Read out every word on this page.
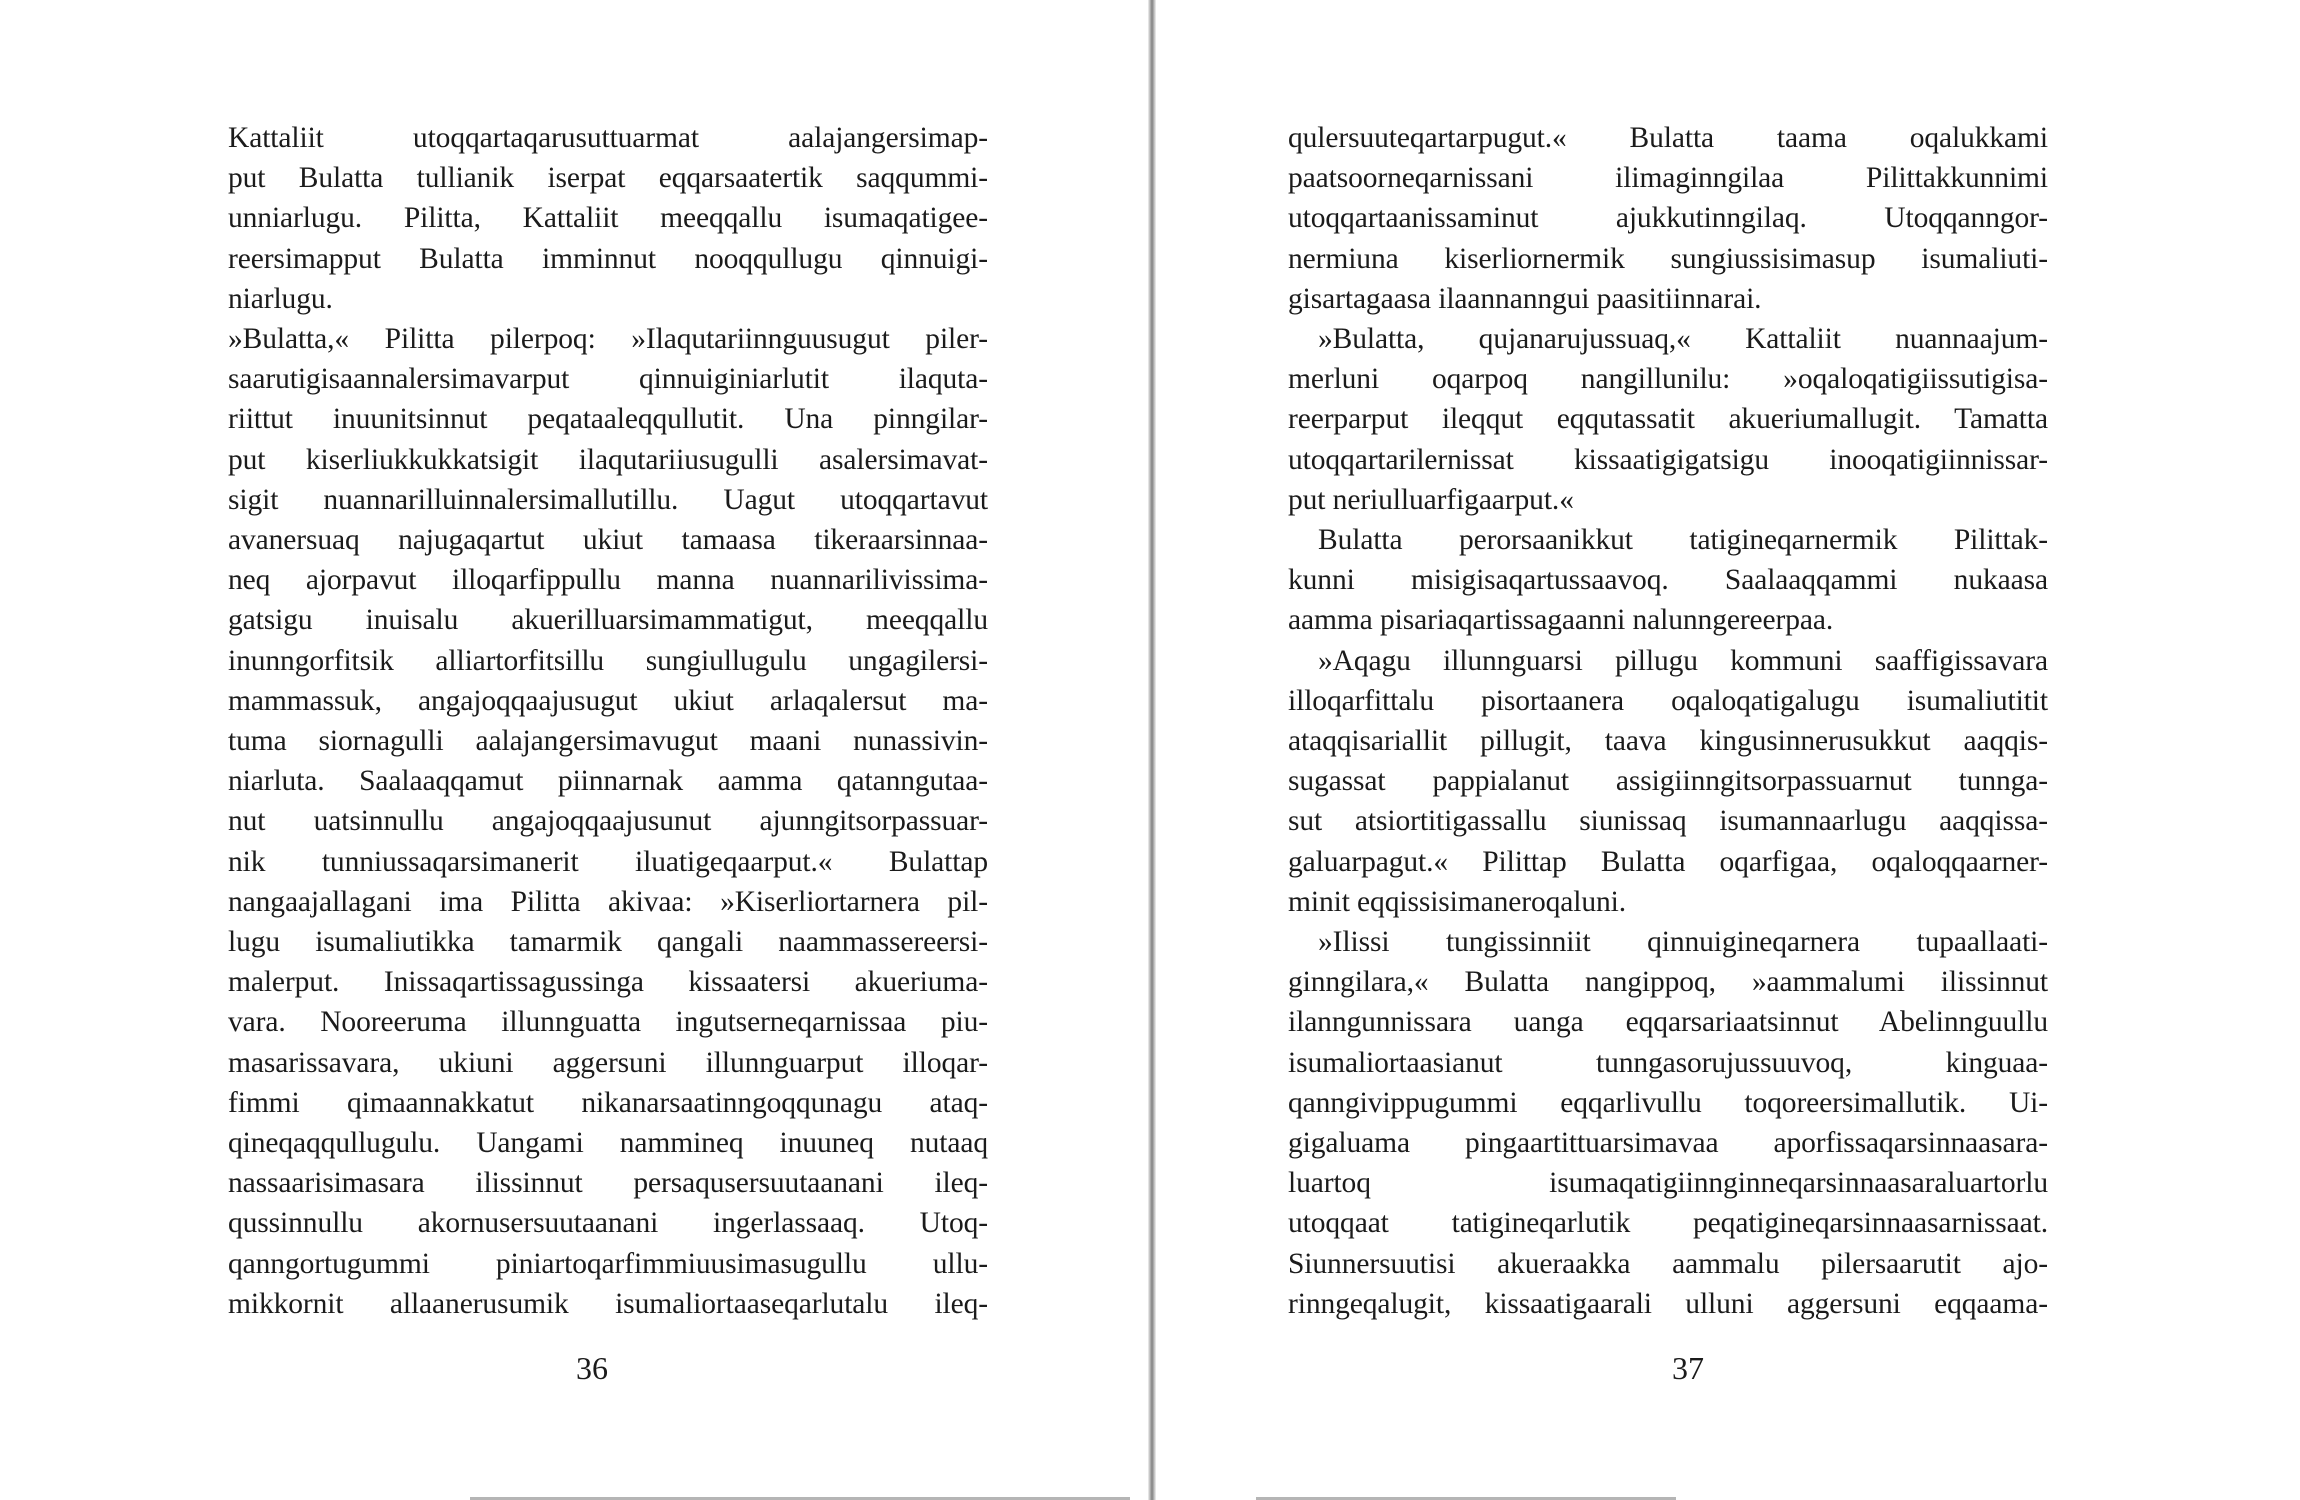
Kattaliit utoqqartaqarusuttuarmat aalajangersimap-
put Bulatta tullianik iserpat eqqarsaatertik saqqummi-
unniarlugu. Pilitta, Kattaliit meeqqallu isumaqatigee-
reersimapput Bulatta imminnut nooqqullugu qinnuigi-
niarlugu.
»Bulatta,« Pilitta pilerpoq: »Ilaqutariinnguusugut piler-
saarutigisaannalersimavarput qinnuiginiarlutit ilaquta-
riittut inuunitsinnut peqataaleqqullutit. Una pinngilar-
put kiserliukkukkatsigit ilaqutariiusugulli asalersimavat-
sigit nuannarilluinnalersimallutillu. Uagut utoqqartavut
avanersuaq najugaqartut ukiut tamaasa tikeraarsinnaa-
neq ajorpavut illoqarfippullu manna nuannarilivissima-
gatsigu inuisalu akuerilluarsimammatigut, meeqqallu
inunngorfitsik alliartorfitsillu sungiullugulu ungagilersi-
mammassuk, angajoqqaajusugut ukiut arlaqalersut ma-
tuma siornagulli aalajangersimavugut maani nunassivin-
niarluta. Saalaaqqamut piinnarnak aamma qatanngutaa-
nut uatsinnullu angajoqqaajusunut ajunngitsorpassuar-
nik tunniussaqarsimanerit iluatigeqaarput.« Bulattap
nangaajallagani ima Pilitta akivaa: »Kiserliortarnera pil-
lugu isumaliutikka tamarmik qangali naammassereersi-
malerput. Inissaqartissagussinga kissaatersi akueriuma-
vara. Nooreeruma illunnguatta ingutserneqarnissaa piu-
masarissavara, ukiuni aggersuni illunnguarput illoqar-
fimmi qimaannakkatut nikanarsaatinngoqqunagu ataq-
qineqaqqullugulu. Uangami nammineq inuuneq nutaaq
nassaarisimasara ilissinnut persaqusersuutaanani ileq-
qussinnullu akornusersuutaanani ingerlassaaq. Utoq-
qanngortugummi piniartoqarfimmiuusimasugullu ullu-
mikkornit allaanerusumik isumaliortaaseqarlutalu ileq-
36
qulersuuteqartarpugut.« Bulatta taama oqalukkami
paatsoorneqarnissani ilimaginngilaa Pilittakkunnimi
utoqqartaanissaminut ajukkutinngilaq. Utoqqanngor-
nermiuna kiserliornermik sungiussisimasup isumaliuti-
gisartagaasa ilaannanngui paasitiinnarai.
»Bulatta, qujanarujussuaq,« Kattaliit nuannaajum-
merluni oqarpoq nangillunilu: »oqaloqatigiissutigisa-
reerparput ileqqut eqqutassatit akueriumallugit. Tamatta
utoqqartarilernissat kissaatigigatsigu inooqatigiinnissar-
put neriulluarfigaarput.«
Bulatta perorsaanikkut tatigineqarnermik Pilittak-
kunni misigisaqartussaavoq. Saalaaqqammi nukaasa
aamma pisariaqartissagaanni nalunngereerpaa.
»Aqagu illunnguarsi pillugu kommuni saaffigissavara
illoqarfittalu pisortaanera oqaloqatigalugu isumaliutitit
ataqqisariallit pillugit, taava kingusinnerusukkut aaqqis-
sugassat pappialanut assigiinngitsorpassuarnut tunnga-
sut atsiortitigassallu siunissaq isumannaarlugu aaqqissa-
galuarpagut.« Pilittap Bulatta oqarfigaa, oqaloqqaarner-
minit eqqissisimaneroqaluni.
»Ilissi tungissinniit qinnuigineqarnera tupaallaati-
ginngilara,« Bulatta nangippoq, »aammalumi ilissinnut
ilanngunnissara uanga eqqarsariaatsinnut Abelinnguullu
isumaliortaasianut tunngasorujussuuvoq, kinguaa-
qanngivippugummi eqqarlivullu toqoreersimallutik. Ui-
gigaluama pingaartittuarsimavaa aporfissaqarsinnaasara-
luartoq isumaqatigiinnginneqarsinnaasaraluartorlu
utoqqaat tatigineqarlutik peqatigineqarsinnaasarnissaat.
Siunnersuutisi akueraakka aammalu pilersaarutit ajo-
rinngeqalugit, kissaatigaarali ulluni aggersuni eqqaama-
37
